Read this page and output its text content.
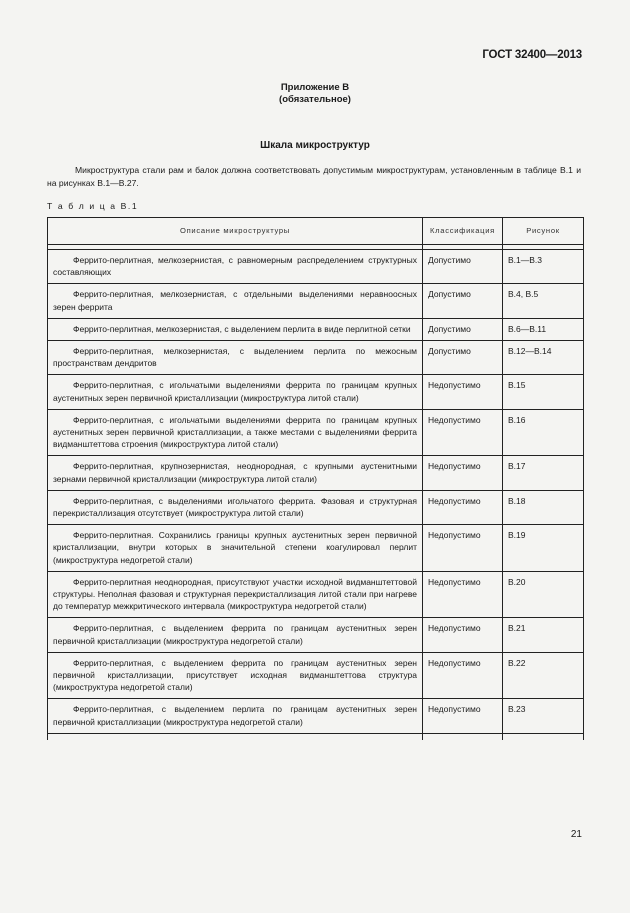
ГОСТ 32400—2013
Приложение В
(обязательное)
Шкала микроструктур
Микроструктура стали рам и балок должна соответствовать допустимым микроструктурам, установленным в таблице В.1 и на рисунках В.1—В.27.
Т а б л и ц а В.1
Описание микроструктуры	Классификация	Рисунок

Феррито-перлитная, мелкозернистая, с равномерным распределением структурных составляющих	Допустимо	В.1—В.3
Феррито-перлитная, мелкозернистая, с отдельными выделениями неравноосных зерен феррита	Допустимо	В.4, В.5
Феррито-перлитная, мелкозернистая, с выделением перлита в виде перлитной сетки	Допустимо	В.6—В.11
Феррито-перлитная, мелкозернистая, с выделением перлита по межосным пространствам дендритов	Допустимо	В.12—В.14
Феррито-перлитная, с игольчатыми выделениями феррита по границам крупных аустенитных зерен первичной кристаллизации (микроструктура литой стали)	Недопустимо	В.15
Феррито-перлитная, с игольчатыми выделениями феррита по границам крупных аустенитных зерен первичной кристаллизации, а также местами с выделениями феррита видманштеттова строения (микроструктура литой стали)	Недопустимо	В.16
Феррито-перлитная, крупнозернистая, неоднородная, с крупными аустенитными зернами первичной кристаллизации (микроструктура литой стали)	Недопустимо	В.17
Феррито-перлитная, с выделениями игольчатого феррита. Фазовая и структурная перекристаллизация отсутствует (микроструктура литой стали)	Недопустимо	В.18
Феррито-перлитная. Сохранились границы крупных аустенитных зерен первичной кристаллизации, внутри которых в значительной степени коагулировал перлит (микроструктура недогретой стали)	Недопустимо	В.19
Феррито-перлитная неоднородная, присутствуют участки исходной видманштеттовой структуры. Неполная фазовая и структурная перекристаллизация литой стали при нагреве до температур межкритического интервала (микроструктура недогретой стали)	Недопустимо	В.20
Феррито-перлитная, с выделением феррита по границам аустенитных зерен первичной кристаллизации (микроструктура недогретой стали)	Недопустимо	В.21
Феррито-перлитная, с выделением феррита по границам аустенитных зерен первичной кристаллизации, присутствует исходная видманштеттова структура (микроструктура недогретой стали)	Недопустимо	В.22
Феррито-перлитная, с выделением перлита по границам аустенитных зерен первичной кристаллизации (микроструктура недогретой стали)	Недопустимо	В.23

21
